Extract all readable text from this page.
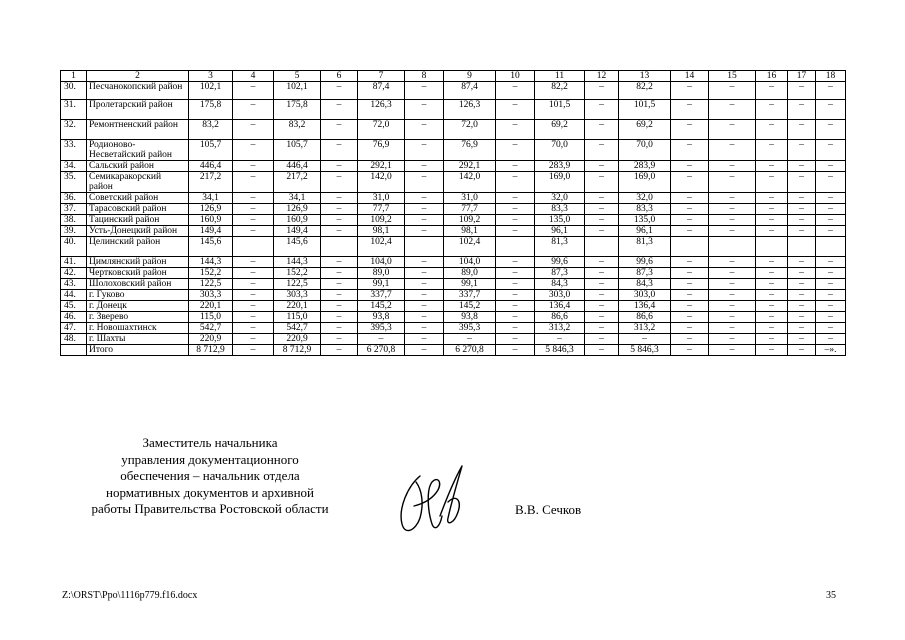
1	2	3	4	5	6	7	8	9	10	11	12	13	14	15	16	17	18
30.	Песчанокопский район	102,1	–	102,1	–	87,4	–	87,4	–	82,2	–	82,2	–	–	–	–	–
31.	Пролетарский район	175,8	–	175,8	–	126,3	–	126,3	–	101,5	–	101,5	–	–	–	–	–
32.	Ремонтненский район	83,2	–	83,2	–	72,0	–	72,0	–	69,2	–	69,2	–	–	–	–	–
33.	Родионово-Несветайский район	105,7	–	105,7	–	76,9	–	76,9	–	70,0	–	70,0	–	–	–	–	–
34.	Сальский район	446,4	–	446,4	–	292,1	–	292,1	–	283,9	–	283,9	–	–	–	–	–
35.	Семикаракорский район	217,2	–	217,2	–	142,0	–	142,0	–	169,0	–	169,0	–	–	–	–	–
36.	Советский район	34,1	–	34,1	–	31,0	–	31,0	–	32,0	–	32,0	–	–	–	–	–
37.	Тарасовский район	126,9	–	126,9	–	77,7	–	77,7	–	83,3	–	83,3	–	–	–	–	–
38.	Тацинский район	160,9	–	160,9	–	109,2	–	109,2	–	135,0	–	135,0	–	–	–	–	–
39.	Усть-Донецкий район	149,4	–	149,4	–	98,1	–	98,1	–	96,1	–	96,1	–	–	–	–	–
40.	Целинский район	145,6		145,6		102,4		102,4		81,3		81,3					
41.	Цимлянский район	144,3	–	144,3	–	104,0	–	104,0	–	99,6	–	99,6	–	–	–	–	–
42.	Чертковский район	152,2	–	152,2	–	89,0	–	89,0	–	87,3	–	87,3	–	–	–	–	–
43.	Шолоховский район	122,5	–	122,5	–	99,1	–	99,1	–	84,3	–	84,3	–	–	–	–	–
44.	г. Гуково	303,3	–	303,3	–	337,7	–	337,7	–	303,0	–	303,0	–	–	–	–	–
45.	г. Донецк	220,1	–	220,1	–	145,2	–	145,2	–	136,4	–	136,4	–	–	–	–	–
46.	г. Зверево	115,0	–	115,0	–	93,8	–	93,8	–	86,6	–	86,6	–	–	–	–	–
47.	г. Новошахтинск	542,7	–	542,7	–	395,3	–	395,3	–	313,2	–	313,2	–	–	–	–	–
48.	г. Шахты	220,9	–	220,9	–	–	–	–	–	–	–	–	–	–	–	–	–
	Итого	8 712,9	–	8 712,9	–	6 270,8	–	6 270,8	–	5 846,3	–	5 846,3	–	–	–	–	–».
Заместитель начальника
управления документационного
обеспечения – начальник отдела
нормативных документов и архивной
работы Правительства Ростовской области	В.В. Сечков
Z:\ORST\Ppo\1116p779.f16.docx	35
